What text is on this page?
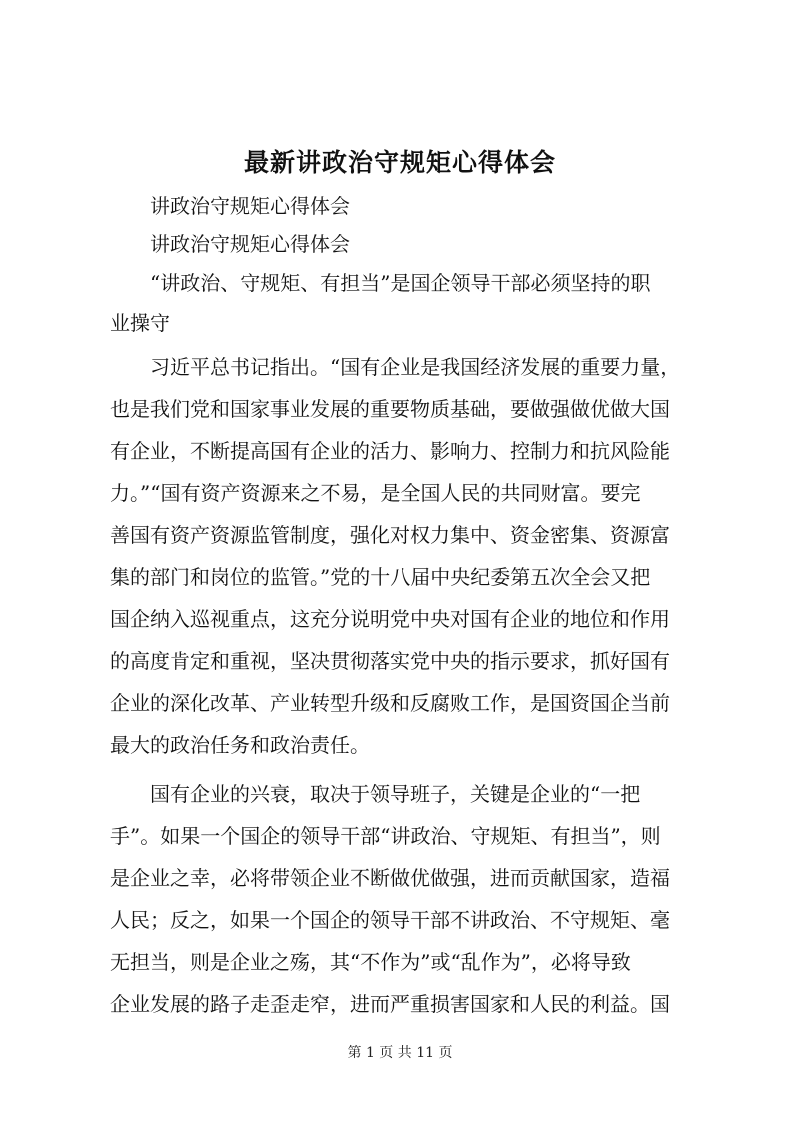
最新讲政治守规矩心得体会
讲政治守规矩心得体会
讲政治守规矩心得体会
“讲政治、守规矩、有担当”是国企领导干部必须坚持的职
业操守
习近平总书记指出。“国有企业是我国经济发展的重要力量，
也是我们党和国家事业发展的重要物质基础，要做强做优做大国
有企业，不断提高国有企业的活力、影响力、控制力和抗风险能
力。”“国有资产资源来之不易，是全国人民的共同财富。要完
善国有资产资源监管制度，强化对权力集中、资金密集、资源富
集的部门和岗位的监管。”党的十八届中央纪委第五次全会又把
国企纳入巡视重点，这充分说明党中央对国有企业的地位和作用
的高度肯定和重视，坚决贯彻落实党中央的指示要求，抓好国有
企业的深化改革、产业转型升级和反腐败工作，是国资国企当前
最大的政治任务和政治责任。
国有企业的兴衰，取决于领导班子，关键是企业的“一把
手”。如果一个国企的领导干部“讲政治、守规矩、有担当”，则
是企业之幸，必将带领企业不断做优做强，进而贡献国家，造福
人民；反之，如果一个国企的领导干部不讲政治、不守规矩、毫
无担当，则是企业之殇，其“不作为”或“乱作为”，必将导致
企业发展的路子走歪走窄，进而严重损害国家和人民的利益。国
第 1 页 共 11 页
